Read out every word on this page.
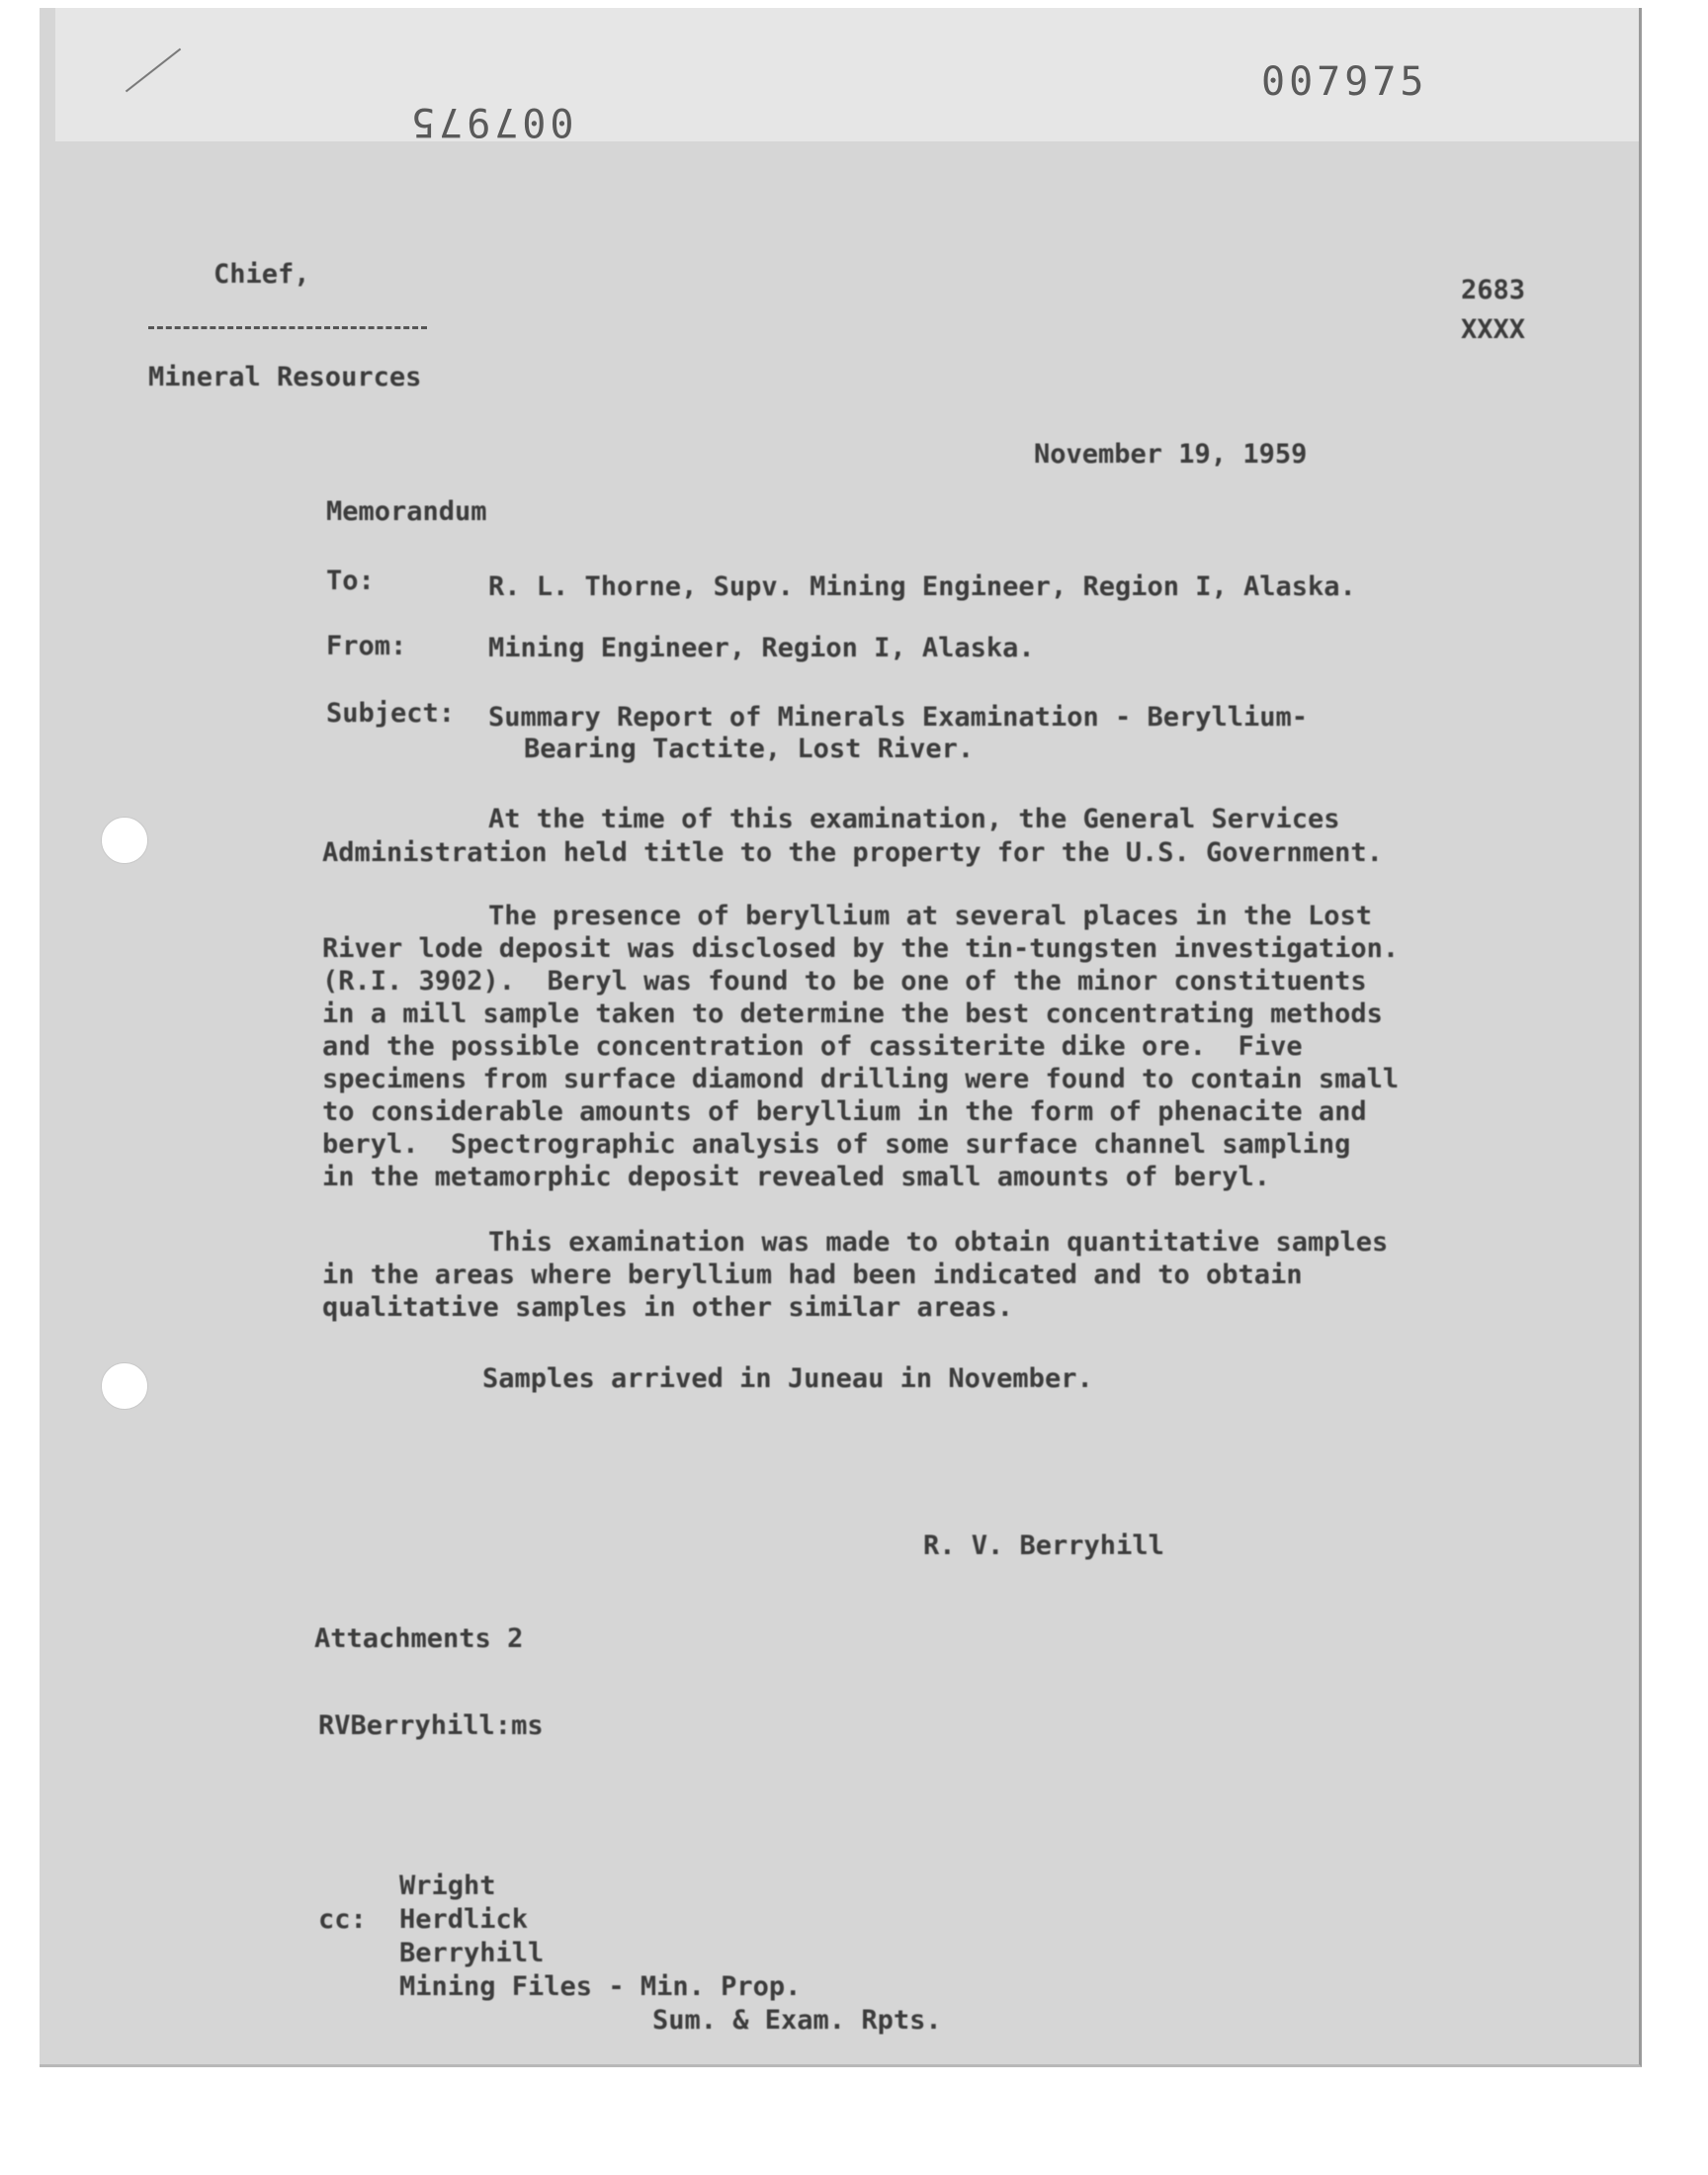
007975
007975
Chief,
Mineral Resources
2683
XXXX
November 19, 1959
Memorandum
To:	R. L. Thorne, Supv. Mining Engineer, Region I, Alaska.
From:	Mining Engineer, Region I, Alaska.
Subject: Summary Report of Minerals Examination - Beryllium-
Bearing Tactite, Lost River.
At the time of this examination, the General Services
Administration held title to the property for the U.S. Government.
The presence of beryllium at several places in the Lost
River lode deposit was disclosed by the tin-tungsten investigation.
(R.I. 3902).  Beryl was found to be one of the minor constituents
in a mill sample taken to determine the best concentrating methods
and the possible concentration of cassiterite dike ore.  Five
specimens from surface diamond drilling were found to contain small
to considerable amounts of beryllium in the form of phenacite and
beryl.  Spectrographic analysis of some surface channel sampling
in the metamorphic deposit revealed small amounts of beryl.
This examination was made to obtain quantitative samples
in the areas where beryllium had been indicated and to obtain
qualitative samples in other similar areas.
Samples arrived in Juneau in November.
R. V. Berryhill
Attachments 2
RVBerryhill:ms
Wright
cc: Herdlick
Berryhill
Mining Files - Min. Prop.
Sum. & Exam. Rpts.
